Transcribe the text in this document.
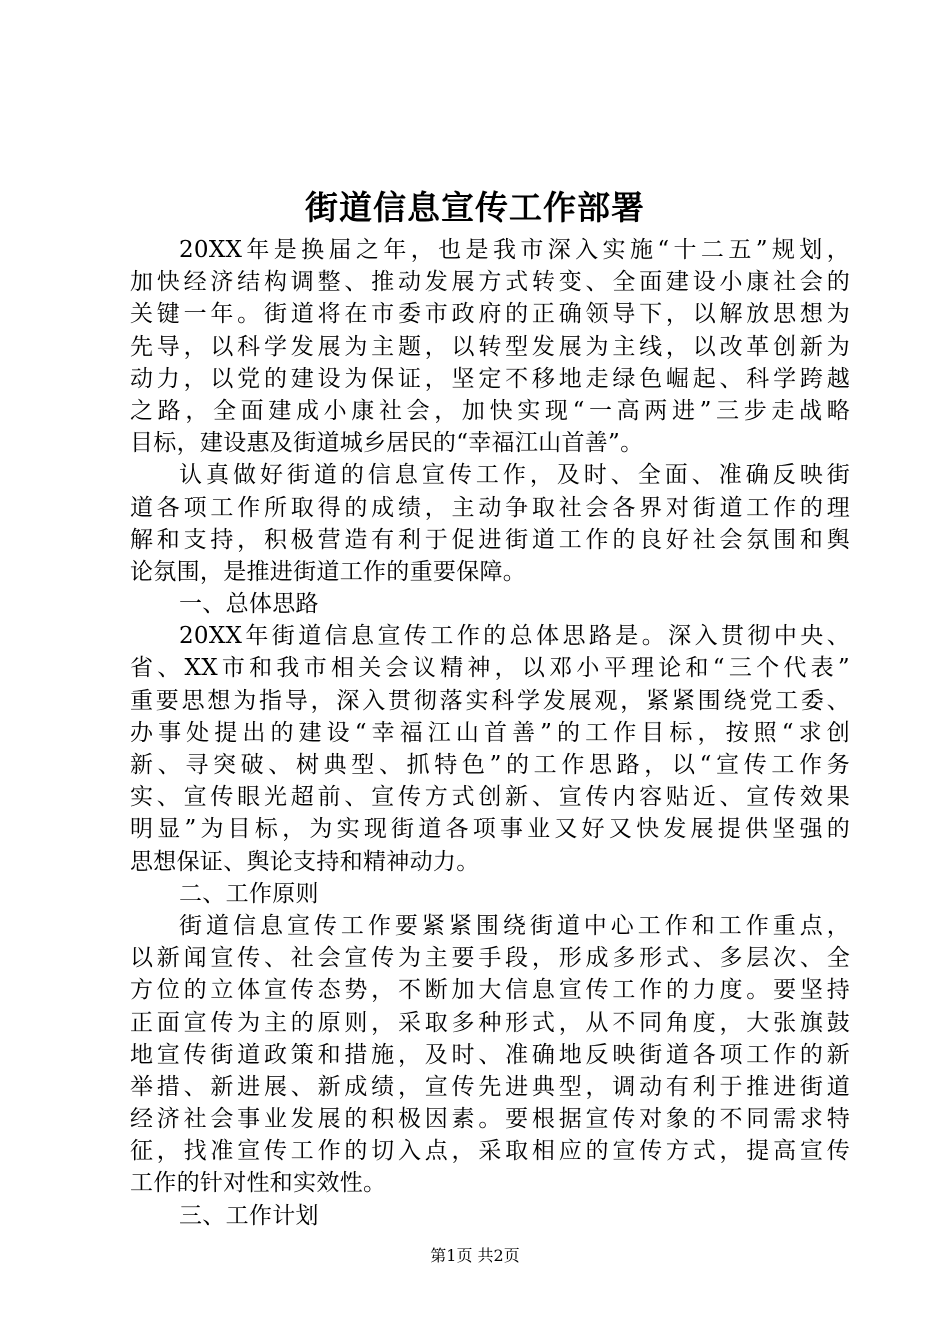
街道信息宣传工作部署
20XX年是换届之年，也是我市深入实施“十二五”规划，
加快经济结构调整、推动发展方式转变、全面建设小康社会的
关键一年。街道将在市委市政府的正确领导下，以解放思想为
先导，以科学发展为主题，以转型发展为主线，以改革创新为
动力，以党的建设为保证，坚定不移地走绿色崛起、科学跨越
之路，全面建成小康社会，加快实现“一高两进”三步走战略
目标，建设惠及街道城乡居民的“幸福江山首善”。
认真做好街道的信息宣传工作，及时、全面、准确反映街
道各项工作所取得的成绩，主动争取社会各界对街道工作的理
解和支持，积极营造有利于促进街道工作的良好社会氛围和舆
论氛围，是推进街道工作的重要保障。
一、总体思路
20XX年街道信息宣传工作的总体思路是。深入贯彻中央、
省、XX市和我市相关会议精神，以邓小平理论和“三个代表”
重要思想为指导，深入贯彻落实科学发展观，紧紧围绕党工委、
办事处提出的建设“幸福江山首善”的工作目标，按照“求创
新、寻突破、树典型、抓特色”的工作思路，以“宣传工作务
实、宣传眼光超前、宣传方式创新、宣传内容贴近、宣传效果
明显”为目标，为实现街道各项事业又好又快发展提供坚强的
思想保证、舆论支持和精神动力。
二、工作原则
街道信息宣传工作要紧紧围绕街道中心工作和工作重点，
以新闻宣传、社会宣传为主要手段，形成多形式、多层次、全
方位的立体宣传态势，不断加大信息宣传工作的力度。要坚持
正面宣传为主的原则，采取多种形式，从不同角度，大张旗鼓
地宣传街道政策和措施，及时、准确地反映街道各项工作的新
举措、新进展、新成绩，宣传先进典型，调动有利于推进街道
经济社会事业发展的积极因素。要根据宣传对象的不同需求特
征，找准宣传工作的切入点，采取相应的宣传方式，提高宣传
工作的针对性和实效性。
三、工作计划
第1页 共2页
